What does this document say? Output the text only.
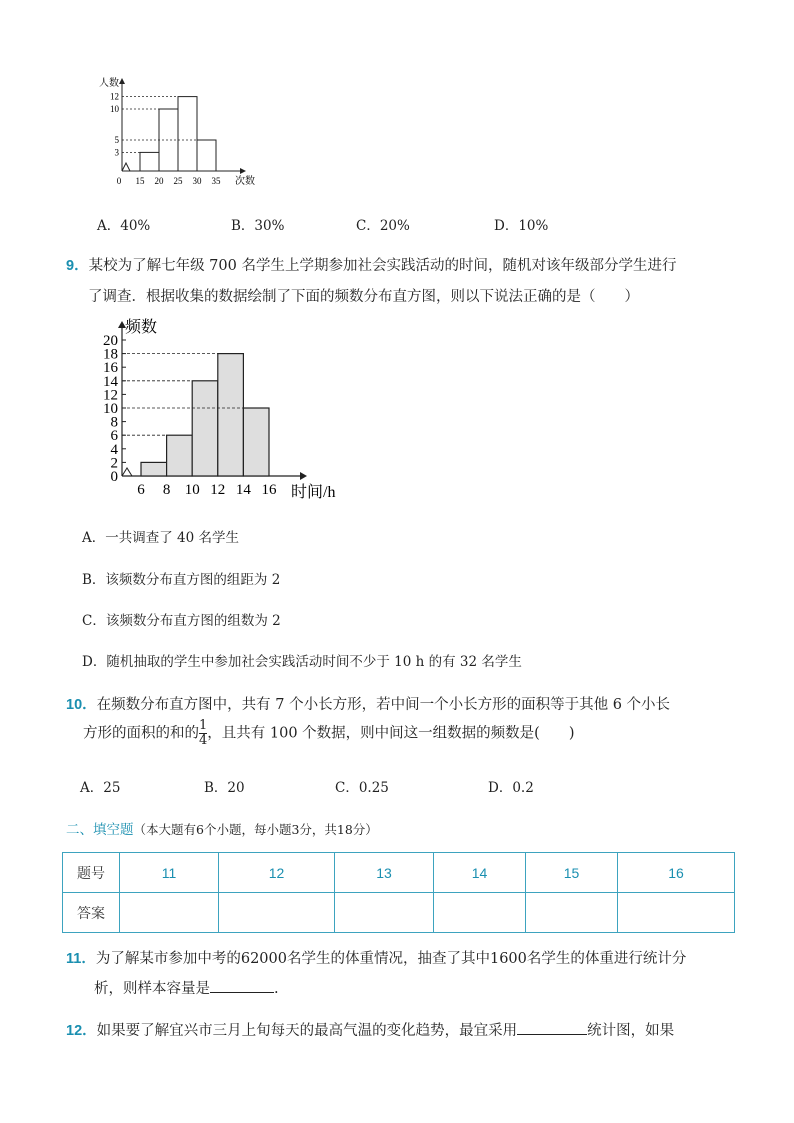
人数
12
10
5
3
0 15 20 25 30 35 次数
A．40%	B．30%	C．20%	D．10%
9．某校为了解七年级 700 名学生上学期参加社会实践活动的时间，随机对该年级部分学生进行
了调查．根据收集的数据绘制了下面的频数分布直方图，则以下说法正确的是（　　）
频数
20
18
16
14
12
10
8
6
4
2
0
6 8 10 12 14 16 时间/h
A．一共调查了 40 名学生
B．该频数分布直方图的组距为 2
C．该频数分布直方图的组数为 2
D．随机抽取的学生中参加社会实践活动时间不少于 10 h 的有 32 名学生
10．在频数分布直方图中，共有 7 个小长方形，若中间一个小长方形的面积等于其他 6 个小长
方形的面积的和的 $\frac{1}{4}$ ，且共有 100 个数据，则中间这一组数据的频数是(　　)
A．25	B．20	C．0.25	D．0.2
二、填空题（本大题有6个小题，每小题3分，共18分）
题号	11	12	13	14	15	16
答案						
11．为了解某市参加中考的62000名学生的体重情况，抽查了其中1600名学生的体重进行统计分
析，则样本容量是	.
12．如果要了解宜兴市三月上旬每天的最高气温的变化趋势，最宜采用	统计图，如果
